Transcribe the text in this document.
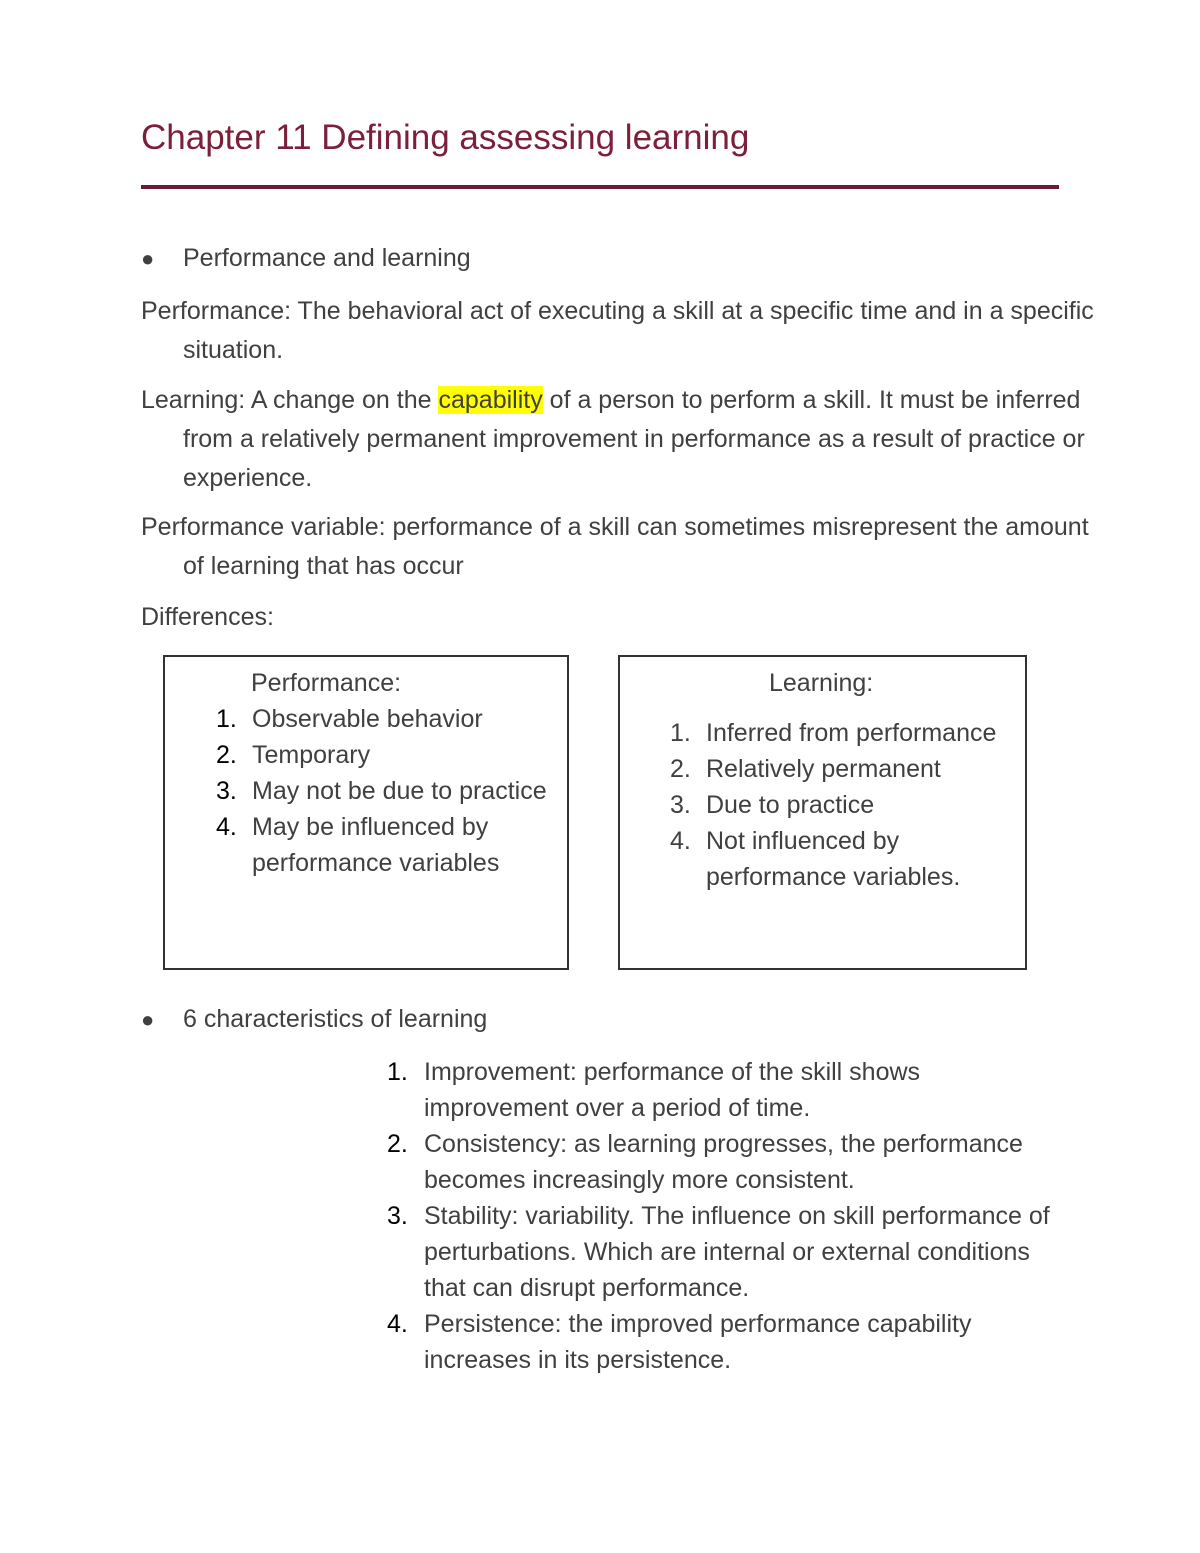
Chapter 11 Defining assessing learning
● Performance and learning
Performance: The behavioral act of executing a skill at a specific time and in a specific situation.
Learning: A change on the capability of a person to perform a skill. It must be inferred from a relatively permanent improvement in performance as a result of practice or experience.
Performance variable: performance of a skill can sometimes misrepresent the amount of learning that has occur
Differences:
Performance:
1. Observable behavior
2. Temporary
3. May not be due to practice
4. May be influenced by performance variables
Learning:
1. Inferred from performance
2. Relatively permanent
3. Due to practice
4. Not influenced by performance variables.
● 6 characteristics of learning
1. Improvement: performance of the skill shows improvement over a period of time.
2. Consistency: as learning progresses, the performance becomes increasingly more consistent.
3. Stability: variability. The influence on skill performance of perturbations. Which are internal or external conditions that can disrupt performance.
4. Persistence: the improved performance capability increases in its persistence.
